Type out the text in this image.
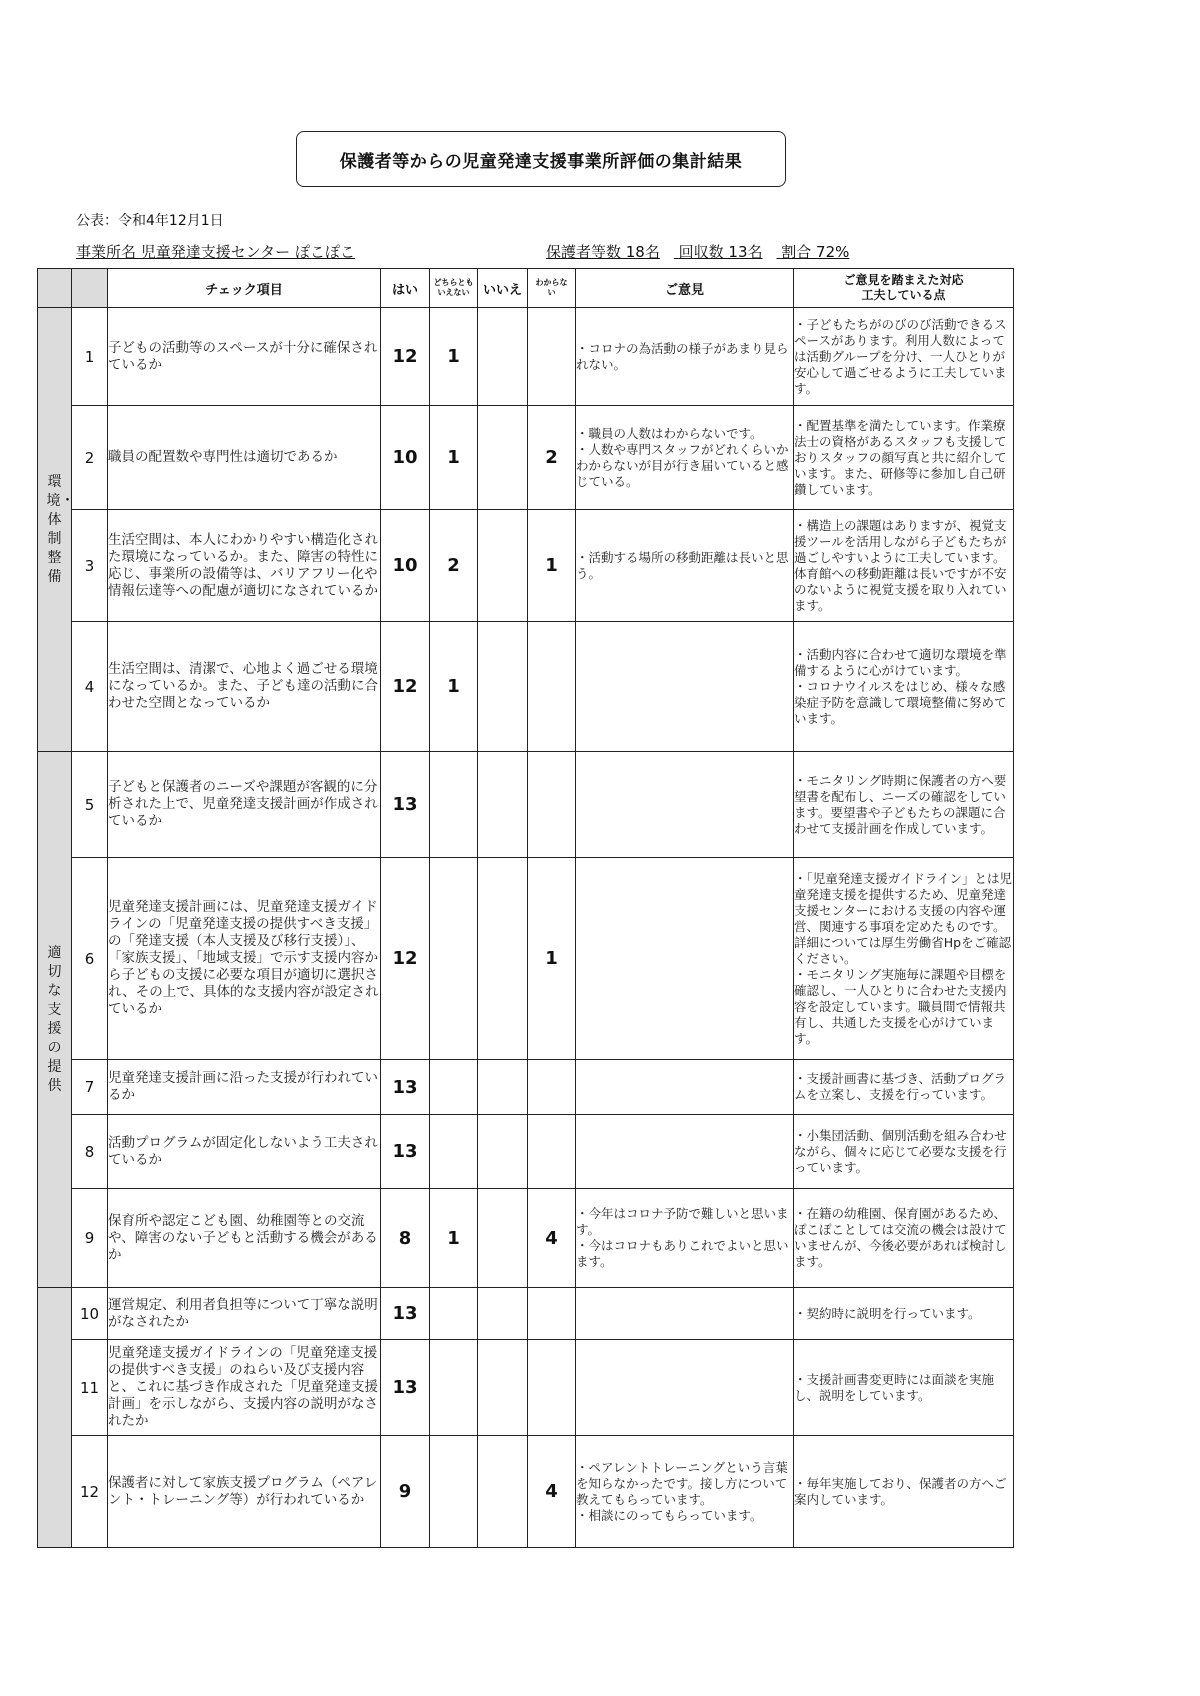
保護者等からの児童発達支援事業所評価の集計結果
公表：令和4年12月1日
事業所名 児童発達支援センター ぽこぽこ	保護者等数 18名 回収数 13名 割合 72%
		チェック項目	はい	どちらとも
いえない	いいえ	わからな
い	ご意見	ご意見を踏まえた対応
工夫している点
環境・体制整備	1	子どもの活動等のスペースが十分に確保されているか	12	1			・コロナの為活動の様子があまり見られない。	・子どもたちがのびのび活動できるスペースがあります。利用人数によっては活動グループを分け、一人ひとりが安心して過ごせるように工夫しています。
	2	職員の配置数や専門性は適切であるか	10	1		2	・職員の人数はわからないです。
・人数や専門スタッフがどれくらいかわからないが目が行き届いていると感じている。	・配置基準を満たしています。作業療法士の資格があるスタッフも支援しておりスタッフの顔写真と共に紹介しています。また、研修等に参加し自己研鑽しています。
	3	生活空間は、本人にわかりやすい構造化された環境になっているか。また、障害の特性に応じ、事業所の設備等は、バリアフリー化や情報伝達等への配慮が適切になされているか	10	2		1	・活動する場所の移動距離は長いと思う。	・構造上の課題はありますが、視覚支援ツールを活用しながら子どもたちが過ごしやすいように工夫しています。体育館への移動距離は長いですが不安のないように視覚支援を取り入れています。
	4	生活空間は、清潔で、心地よく過ごせる環境になっているか。また、子ども達の活動に合わせた空間となっているか	12	1				・活動内容に合わせて適切な環境を準備するように心がけています。
・コロナウイルスをはじめ、様々な感染症予防を意識して環境整備に努めています。
適切な支援の提供	5	子どもと保護者のニーズや課題が客観的に分析された上で、児童発達支援計画が作成されているか	13					・モニタリング時期に保護者の方へ要望書を配布し、ニーズの確認をしています。要望書や子どもたちの課題に合わせて支援計画を作成しています。
	6	児童発達支援計画には、児童発達支援ガイドラインの「児童発達支援の提供すべき支援」の「発達支援（本人支援及び移行支援）」、「家族支援」、「地域支援」で示す支援内容から子どもの支援に必要な項目が適切に選択され、その上で、具体的な支援内容が設定されているか	12			1		・「児童発達支援ガイドライン」とは児童発達支援を提供するため、児童発達支援センターにおける支援の内容や運営、関連する事項を定めたものです。詳細については厚生労働省Hpをご確認ください。
・モニタリング実施毎に課題や目標を確認し、一人ひとりに合わせた支援内容を設定しています。職員間で情報共有し、共通した支援を心がけています。
	7	児童発達支援計画に沿った支援が行われているか	13					・支援計画書に基づき、活動プログラムを立案し、支援を行っています。
	8	活動プログラムが固定化しないよう工夫されているか	13					・小集団活動、個別活動を組み合わせながら、個々に応じて必要な支援を行っています。
	9	保育所や認定こども園、幼稚園等との交流や、障害のない子どもと活動する機会があるか	8	1		4	・今年はコロナ予防で難しいと思います。
・今はコロナもありこれでよいと思います。	・在籍の幼稚園、保育園があるため、ぽこぽことしては交流の機会は設けていませんが、今後必要があれば検討します。
	10	運営規定、利用者負担等について丁寧な説明がなされたか	13					・契約時に説明を行っています。
	11	児童発達支援ガイドラインの「児童発達支援の提供すべき支援」のねらい及び支援内容と、これに基づき作成された「児童発達支援計画」を示しながら、支援内容の説明がなされたか	13					・支援計画書変更時には面談を実施し、説明をしています。
	12	保護者に対して家族支援プログラム（ペアレント・トレーニング等）が行われているか	9			4	・ペアレントトレーニングという言葉を知らなかったです。接し方について教えてもらっています。
・相談にのってもらっています。	・毎年実施しており、保護者の方へご案内しています。
